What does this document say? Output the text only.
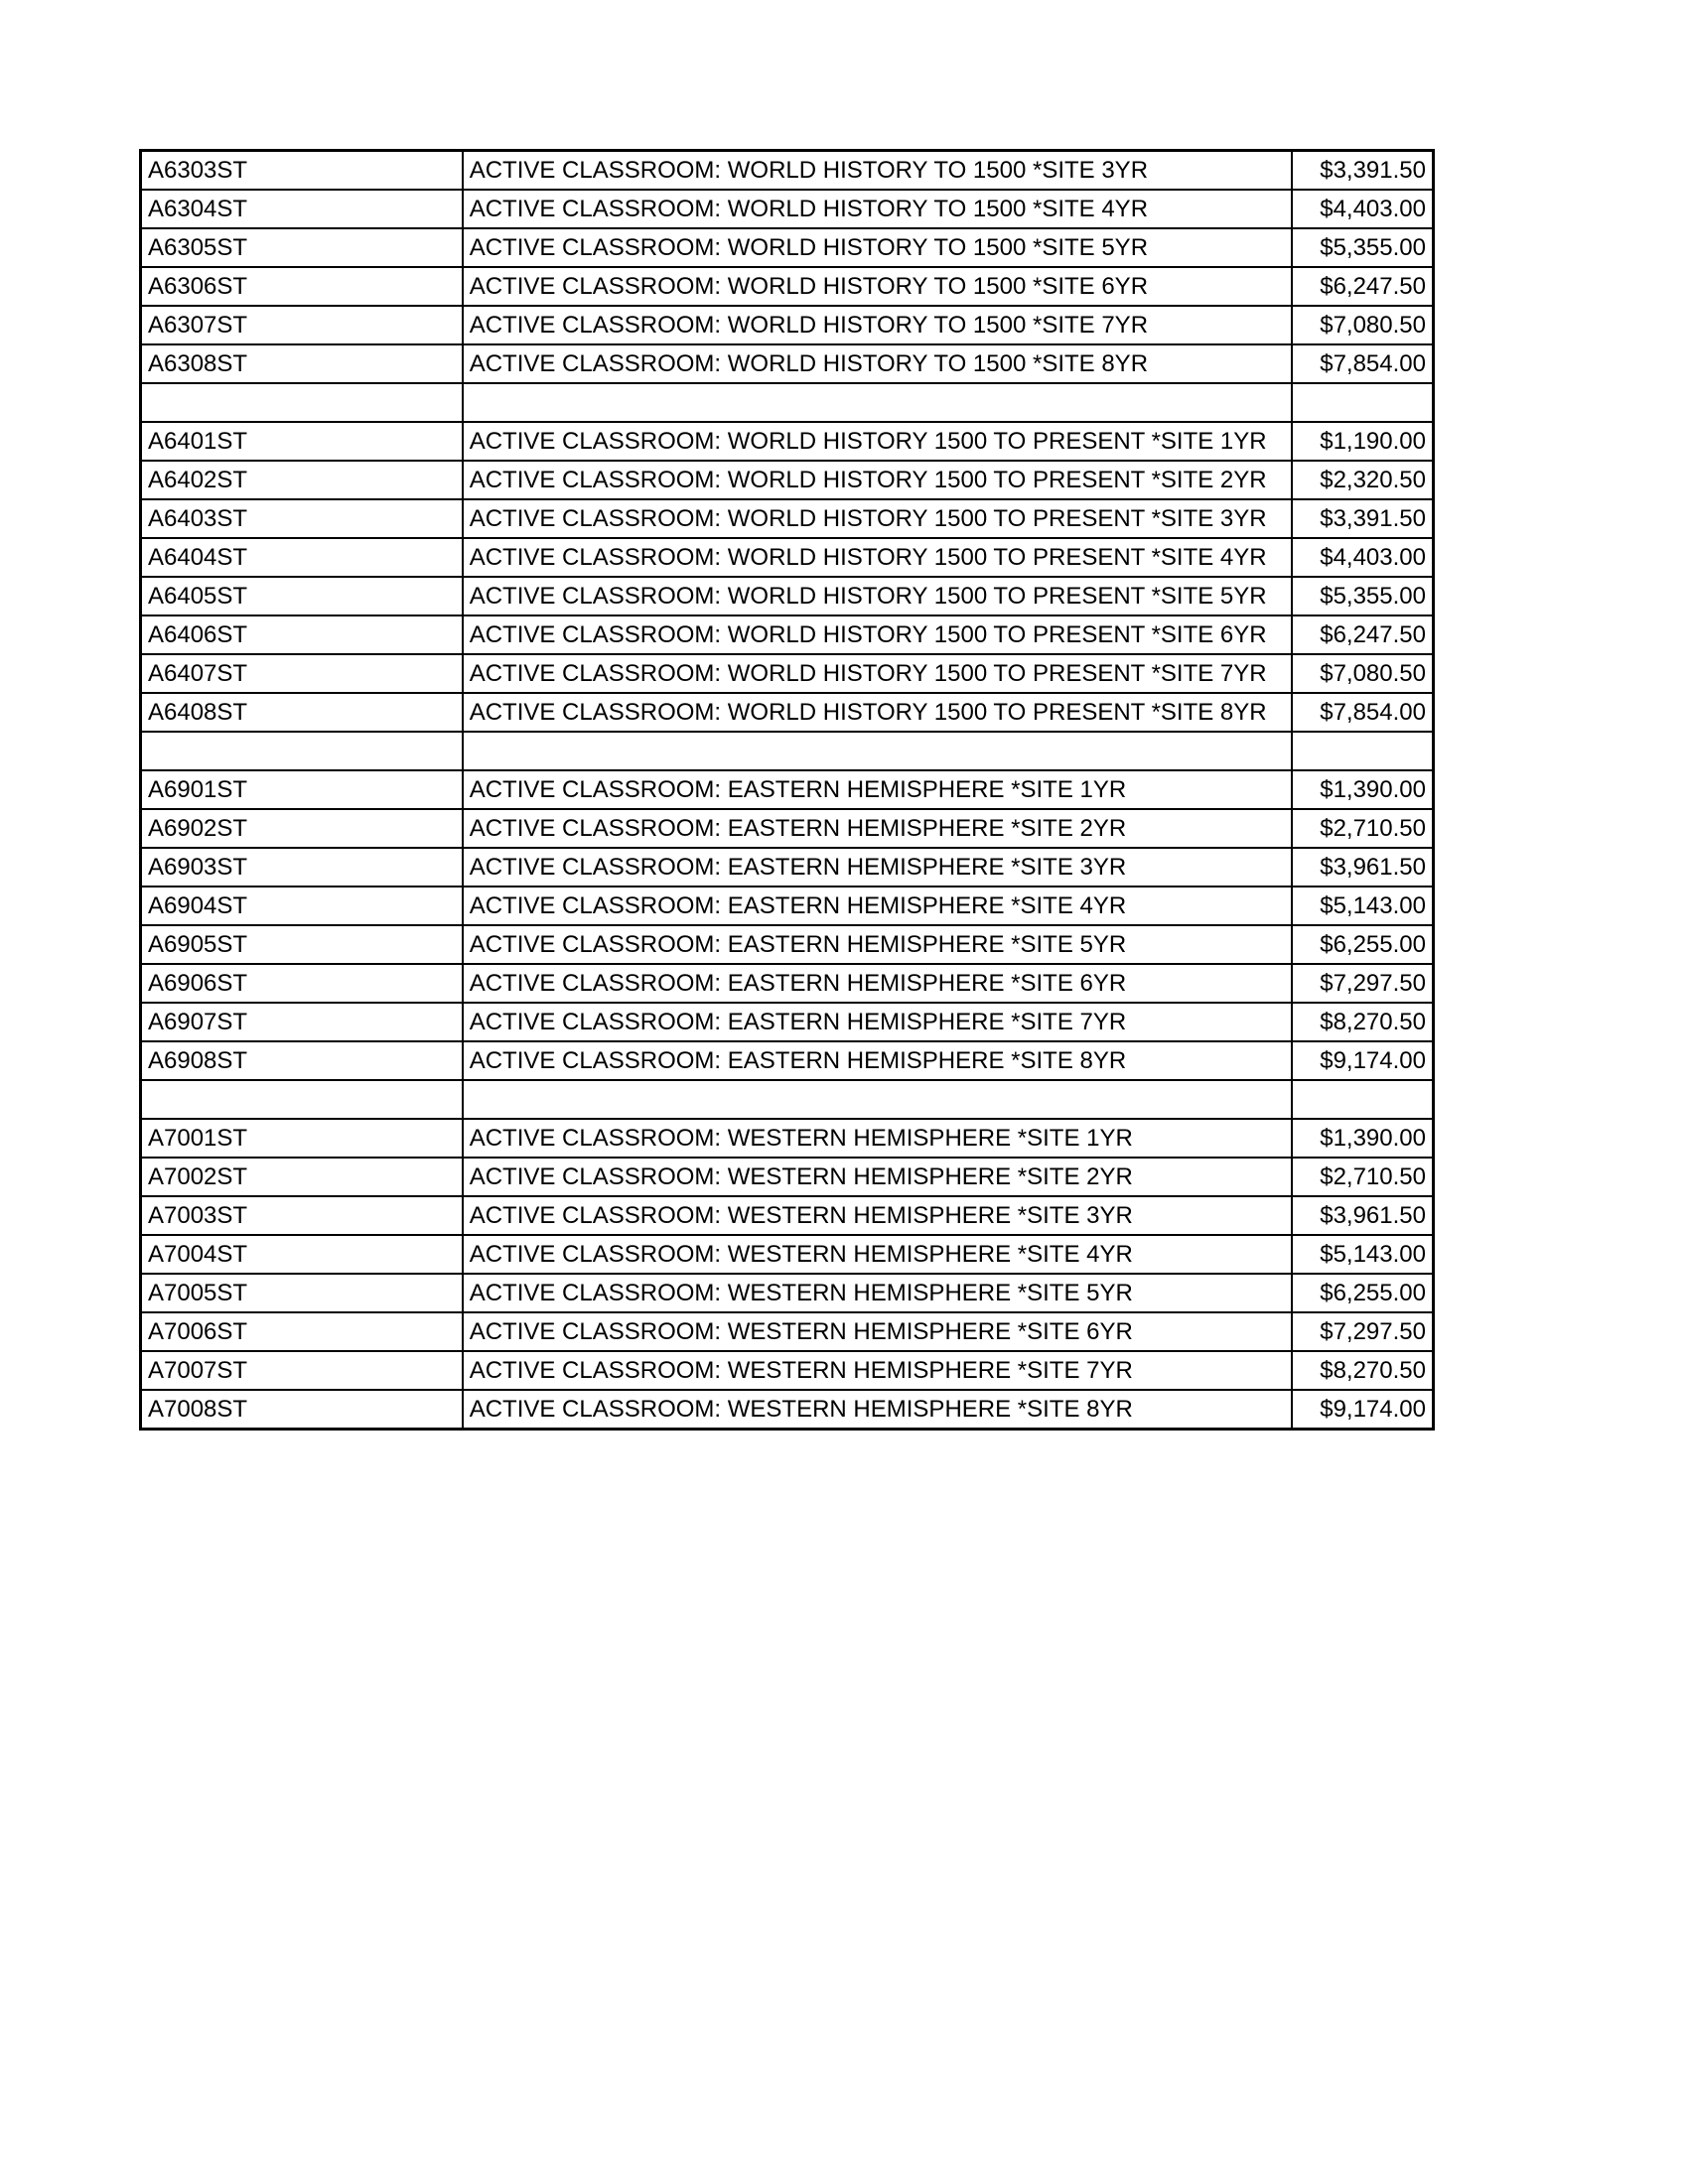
A6303ST	ACTIVE CLASSROOM: WORLD HISTORY TO 1500 *SITE 3YR	$3,391.50
A6304ST	ACTIVE CLASSROOM: WORLD HISTORY TO 1500 *SITE 4YR	$4,403.00
A6305ST	ACTIVE CLASSROOM: WORLD HISTORY TO 1500 *SITE 5YR	$5,355.00
A6306ST	ACTIVE CLASSROOM: WORLD HISTORY TO 1500 *SITE 6YR	$6,247.50
A6307ST	ACTIVE CLASSROOM: WORLD HISTORY TO 1500 *SITE 7YR	$7,080.50
A6308ST	ACTIVE CLASSROOM: WORLD HISTORY TO 1500 *SITE 8YR	$7,854.00

A6401ST	ACTIVE CLASSROOM: WORLD HISTORY 1500 TO PRESENT *SITE 1YR	$1,190.00
A6402ST	ACTIVE CLASSROOM: WORLD HISTORY 1500 TO PRESENT *SITE 2YR	$2,320.50
A6403ST	ACTIVE CLASSROOM: WORLD HISTORY 1500 TO PRESENT *SITE 3YR	$3,391.50
A6404ST	ACTIVE CLASSROOM: WORLD HISTORY 1500 TO PRESENT *SITE 4YR	$4,403.00
A6405ST	ACTIVE CLASSROOM: WORLD HISTORY 1500 TO PRESENT *SITE 5YR	$5,355.00
A6406ST	ACTIVE CLASSROOM: WORLD HISTORY 1500 TO PRESENT *SITE 6YR	$6,247.50
A6407ST	ACTIVE CLASSROOM: WORLD HISTORY 1500 TO PRESENT *SITE 7YR	$7,080.50
A6408ST	ACTIVE CLASSROOM: WORLD HISTORY 1500 TO PRESENT *SITE 8YR	$7,854.00

A6901ST	ACTIVE CLASSROOM: EASTERN HEMISPHERE *SITE 1YR	$1,390.00
A6902ST	ACTIVE CLASSROOM: EASTERN HEMISPHERE *SITE 2YR	$2,710.50
A6903ST	ACTIVE CLASSROOM: EASTERN HEMISPHERE *SITE 3YR	$3,961.50
A6904ST	ACTIVE CLASSROOM: EASTERN HEMISPHERE *SITE 4YR	$5,143.00
A6905ST	ACTIVE CLASSROOM: EASTERN HEMISPHERE *SITE 5YR	$6,255.00
A6906ST	ACTIVE CLASSROOM: EASTERN HEMISPHERE *SITE 6YR	$7,297.50
A6907ST	ACTIVE CLASSROOM: EASTERN HEMISPHERE *SITE 7YR	$8,270.50
A6908ST	ACTIVE CLASSROOM: EASTERN HEMISPHERE *SITE 8YR	$9,174.00

A7001ST	ACTIVE CLASSROOM: WESTERN HEMISPHERE *SITE 1YR	$1,390.00
A7002ST	ACTIVE CLASSROOM: WESTERN HEMISPHERE *SITE 2YR	$2,710.50
A7003ST	ACTIVE CLASSROOM: WESTERN HEMISPHERE *SITE 3YR	$3,961.50
A7004ST	ACTIVE CLASSROOM: WESTERN HEMISPHERE *SITE 4YR	$5,143.00
A7005ST	ACTIVE CLASSROOM: WESTERN HEMISPHERE *SITE 5YR	$6,255.00
A7006ST	ACTIVE CLASSROOM: WESTERN HEMISPHERE *SITE 6YR	$7,297.50
A7007ST	ACTIVE CLASSROOM: WESTERN HEMISPHERE *SITE 7YR	$8,270.50
A7008ST	ACTIVE CLASSROOM: WESTERN HEMISPHERE *SITE 8YR	$9,174.00
